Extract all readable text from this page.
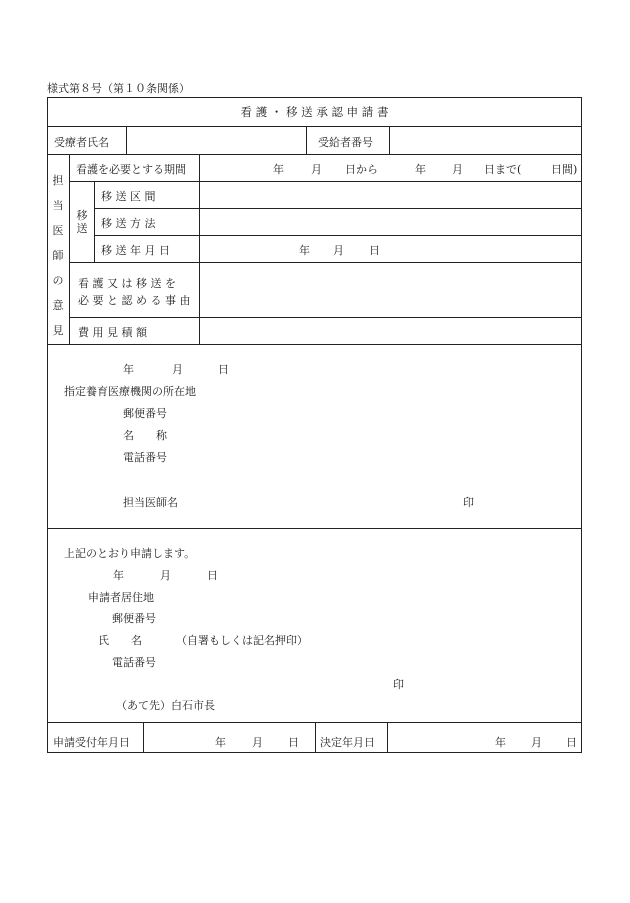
様式第８号（第１０条関係）
看 護 ・ 移 送 承 認 申 請 書
受療者氏名	受給者番号
担
当
医
師
の
意
見
看護を必要とする期間	年 月 日から	年 月 日まで(	日間)
移
送
移 送 区 間
移 送 方 法
移 送 年 月 日	年 月 日
看 護 又 は 移 送 を
必 要 と 認 め る 事 由
費 用 見 積 額
年	月	日
指定養育医療機関の所在地
郵便番号
名　　称
電話番号
担当医師名	印
上記のとおり申請します。
年	月	日
申請者居住地
郵便番号
氏　　名	（自署もしくは記名押印）
電話番号
印
（あて先）白石市長
申請受付年月日	年 月 日 決定年月日	年 月 日
